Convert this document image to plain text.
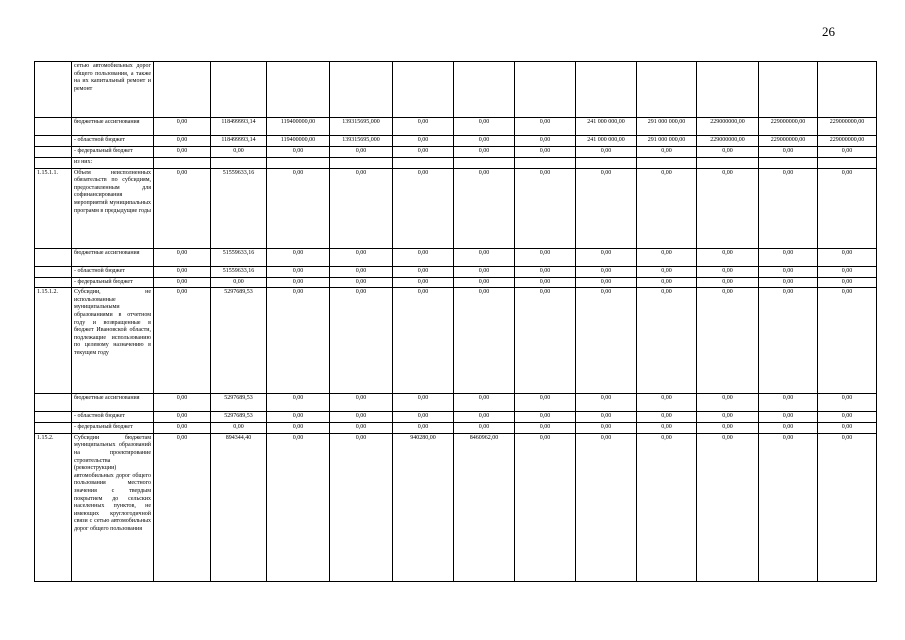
26
	сетью автомобильных дорог общего пользования, а также на их капитальный ремонт и ремонт												
	бюджетные ассигнования	0,00	118499993,14	119400000,00	139315695,000	0,00	0,00	0,00	241 000 000,00	291 000 000,00	229000000,00	229000000,00	229000000,00
	- областной бюджет	0,00	118499993,14	119400000,00	139315695,000	0,00	0,00	0,00	241 000 000,00	291 000 000,00	229000000,00	229000000,00	229000000,00
	- федеральный бюджет	0,00	0,00	0,00	0,00	0,00	0,00	0,00	0,00	0,00	0,00	0,00	0,00
	из них:												
1.15.1.1.	Объем неисполненных обязательств по субсидиям, предоставленным для софинансирования мероприятий муниципальных программ в предыдущие годы	0,00	51559633,16	0,00	0,00	0,00	0,00	0,00	0,00	0,00	0,00	0,00	0,00
	бюджетные ассигнования	0,00	51559633,16	0,00	0,00	0,00	0,00	0,00	0,00	0,00	0,00	0,00	0,00
	- областной бюджет	0,00	51559633,16	0,00	0,00	0,00	0,00	0,00	0,00	0,00	0,00	0,00	0,00
	- федеральный бюджет	0,00	0,00	0,00	0,00	0,00	0,00	0,00	0,00	0,00	0,00	0,00	0,00
1.15.1.2.	Субсидии, не использованные муниципальными образованиями в отчетном году и возвращенные в бюджет Ивановской области, подлежащие использованию по целевому назначению в текущем году	0,00	5297689,53	0,00	0,00	0,00	0,00	0,00	0,00	0,00	0,00	0,00	0,00
	бюджетные ассигнования	0,00	5297689,53	0,00	0,00	0,00	0,00	0,00	0,00	0,00	0,00	0,00	0,00
	- областной бюджет	0,00	5297689,53	0,00	0,00	0,00	0,00	0,00	0,00	0,00	0,00	0,00	0,00
	- федеральный бюджет	0,00	0,00	0,00	0,00	0,00	0,00	0,00	0,00	0,00	0,00	0,00	0,00
1.15.2.	Субсидии бюджетам муниципальных образований на проектирование строительства (реконструкции) автомобильных дорог общего пользования местного значения с твердым покрытием до сельских населенных пунктов, не имеющих круглогодичной связи с сетью автомобильных дорог общего пользования	0,00	894344,40	0,00	0,00	940280,00	8460962,00	0,00	0,00	0,00	0,00	0,00	0,00
